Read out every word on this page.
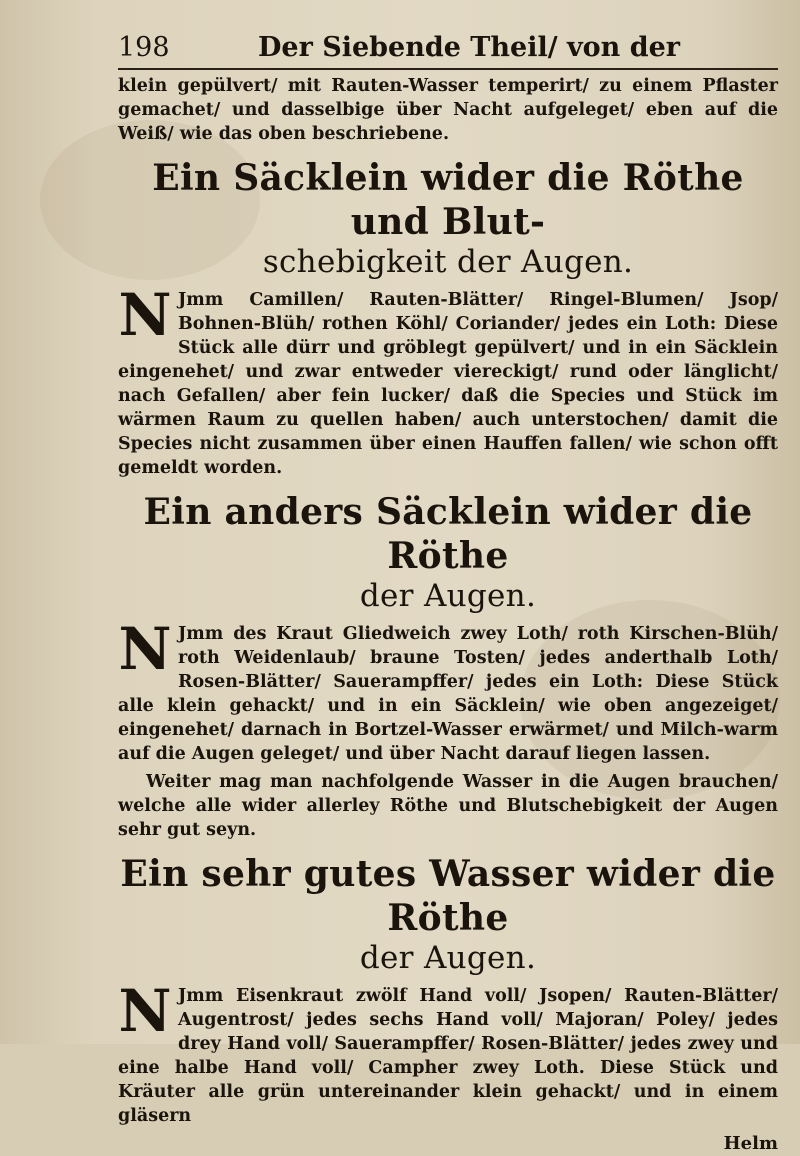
198	Der Siebende Theil/ von der

klein gepülvert/ mit Rauten-Wasser temperirt/ zu einem Pflaster gemachet/ und dasselbige über Nacht aufgeleget/ eben auf die Weiß/ wie das oben beschriebene.

Ein Säcklein wider die Röthe und Blut-
schebigkeit der Augen.

N Jmm Camillen/ Rauten-Blätter/ Ringel-Blumen/ Jsop/ Bohnen-Blüh/ rothen Köhl/ Coriander/ jedes ein Loth: Diese Stück alle dürr und gröblegt gepülvert/ und in ein Säcklein eingenehet/ und zwar entweder viereckigt/ rund oder länglicht/ nach Gefallen/ aber fein lucker/ daß die Species und Stück im wärmen Raum zu quellen haben/ auch unterstochen/ damit die Species nicht zusammen über einen Hauffen fallen/ wie schon offt gemeldt worden.

Ein anders Säcklein wider die Röthe
der Augen.

N Jmm des Kraut Gliedweich zwey Loth/ roth Kirschen-Blüh/ roth Weidenlaub/ braune Tosten/ jedes anderthalb Loth/ Rosen-Blätter/ Sauerampffer/ jedes ein Loth: Diese Stück alle klein gehackt/ und in ein Säcklein/ wie oben angezeiget/ eingenehet/ darnach in Bortzel-Wasser erwärmet/ und Milch-warm auf die Augen geleget/ und über Nacht darauf liegen lassen.

Weiter mag man nachfolgende Wasser in die Augen brauchen/ welche alle wider allerley Röthe und Blutschebigkeit der Augen sehr gut seyn.

Ein sehr gutes Wasser wider die Röthe
der Augen.

N Jmm Eisenkraut zwölf Hand voll/ Jsopen/ Rauten-Blätter/ Augentrost/ jedes sechs Hand voll/ Majoran/ Poley/ jedes drey Hand voll/ Sauerampffer/ Rosen-Blätter/ jedes zwey und eine halbe Hand voll/ Campher zwey Loth. Diese Stück und Kräuter alle grün untereinander klein gehackt/ und in einem gläsern

Helm
